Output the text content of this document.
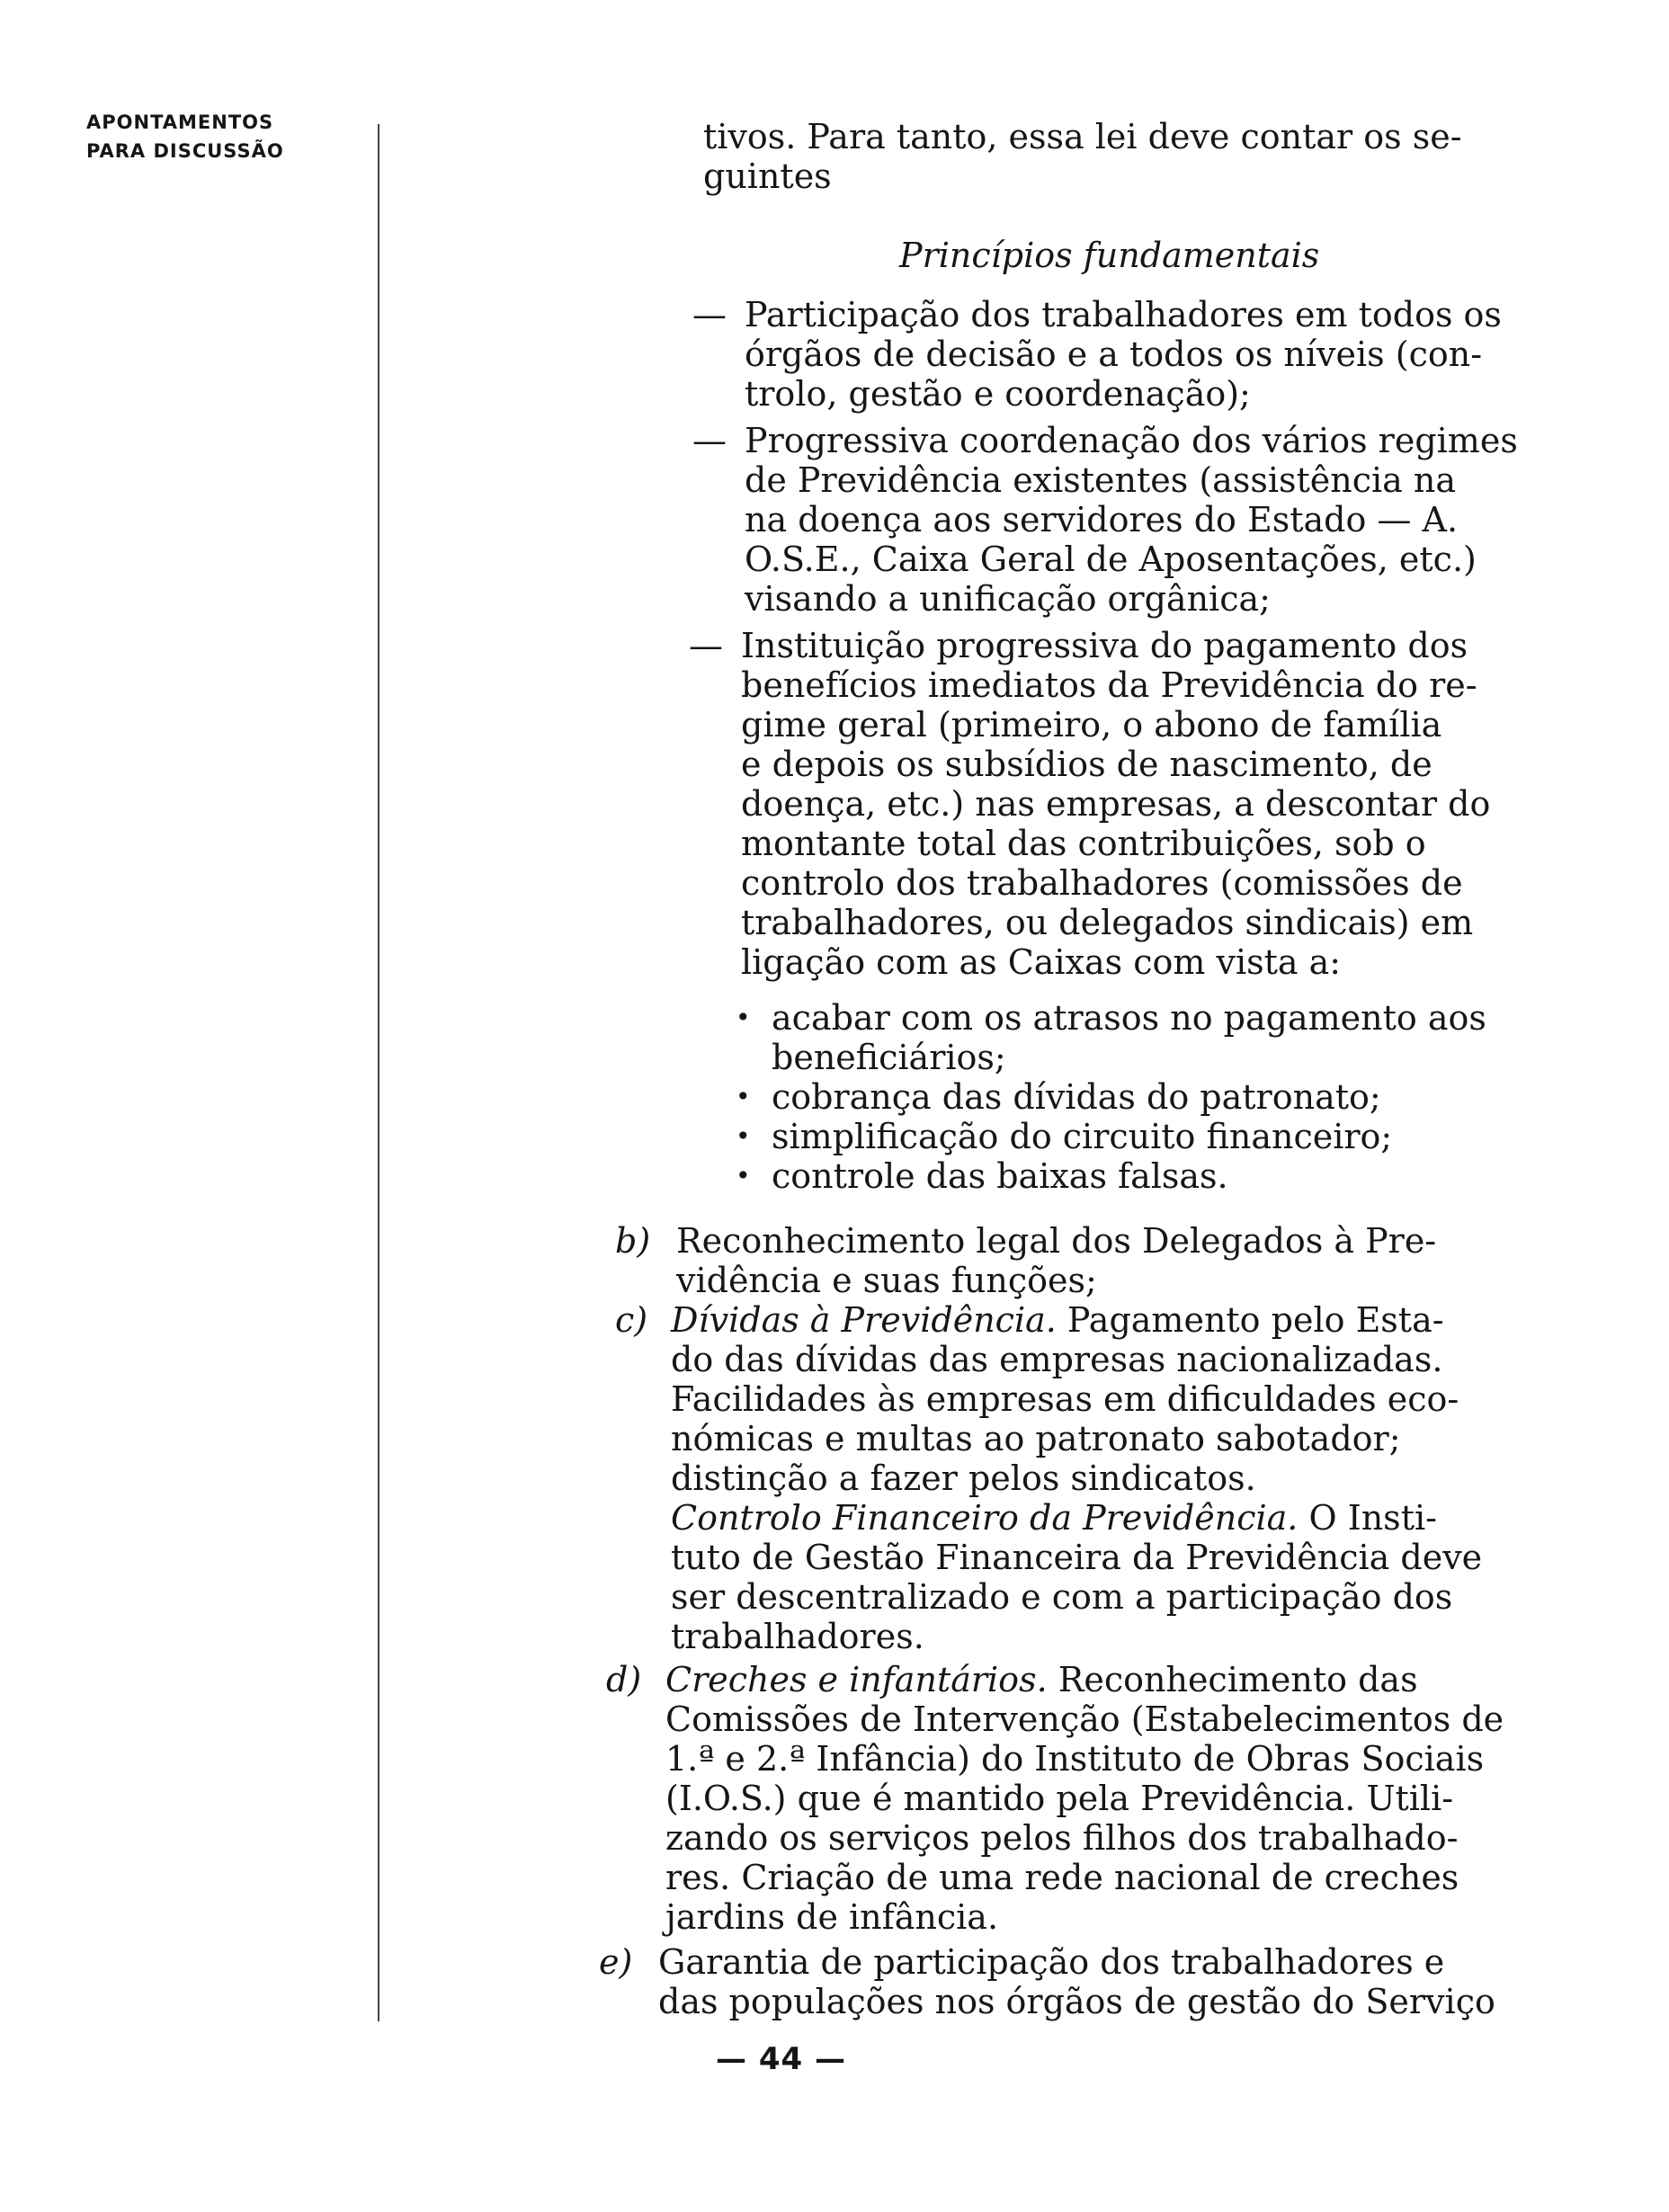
APONTAMENTOS
PARA DISCUSSÃO	tivos. Para tanto, essa lei deve contar os se-
guintes
Princípios fundamentais
— Participação dos trabalhadores em todos os
órgãos de decisão e a todos os níveis (con-
trolo, gestão e coordenação);
— Progressiva coordenação dos vários regimes
de Previdência existentes (assistência na
na doença aos servidores do Estado — A.
O.S.E., Caixa Geral de Aposentações, etc.)
visando a unificação orgânica;
— Instituição progressiva do pagamento dos
benefícios imediatos da Previdência do re-
gime geral (primeiro, o abono de família
e depois os subsídios de nascimento, de
doença, etc.) nas empresas, a descontar do
montante total das contribuições, sob o
controlo dos trabalhadores (comissões de
trabalhadores, ou delegados sindicais) em
ligação com as Caixas com vista a:
• acabar com os atrasos no pagamento aos
beneficiários;
• cobrança das dívidas do patronato;
• simplificação do circuito financeiro;
• controle das baixas falsas.
b) Reconhecimento legal dos Delegados à Pre-
vidência e suas funções;
c) Dívidas à Previdência. Pagamento pelo Esta-
do das dívidas das empresas nacionalizadas.
Facilidades às empresas em dificuldades eco-
nómicas e multas ao patronato sabotador;
distinção a fazer pelos sindicatos.
Controlo Financeiro da Previdência. O Insti-
tuto de Gestão Financeira da Previdência deve
ser descentralizado e com a participação dos
trabalhadores.
d) Creches e infantários. Reconhecimento das
Comissões de Intervenção (Estabelecimentos de
1.ª e 2.ª Infância) do Instituto de Obras Sociais
(I.O.S.) que é mantido pela Previdência. Utili-
zando os serviços pelos filhos dos trabalhado-
res. Criação de uma rede nacional de creches
jardins de infância.
e) Garantia de participação dos trabalhadores e
das populações nos órgãos de gestão do Serviço
— 44 —
